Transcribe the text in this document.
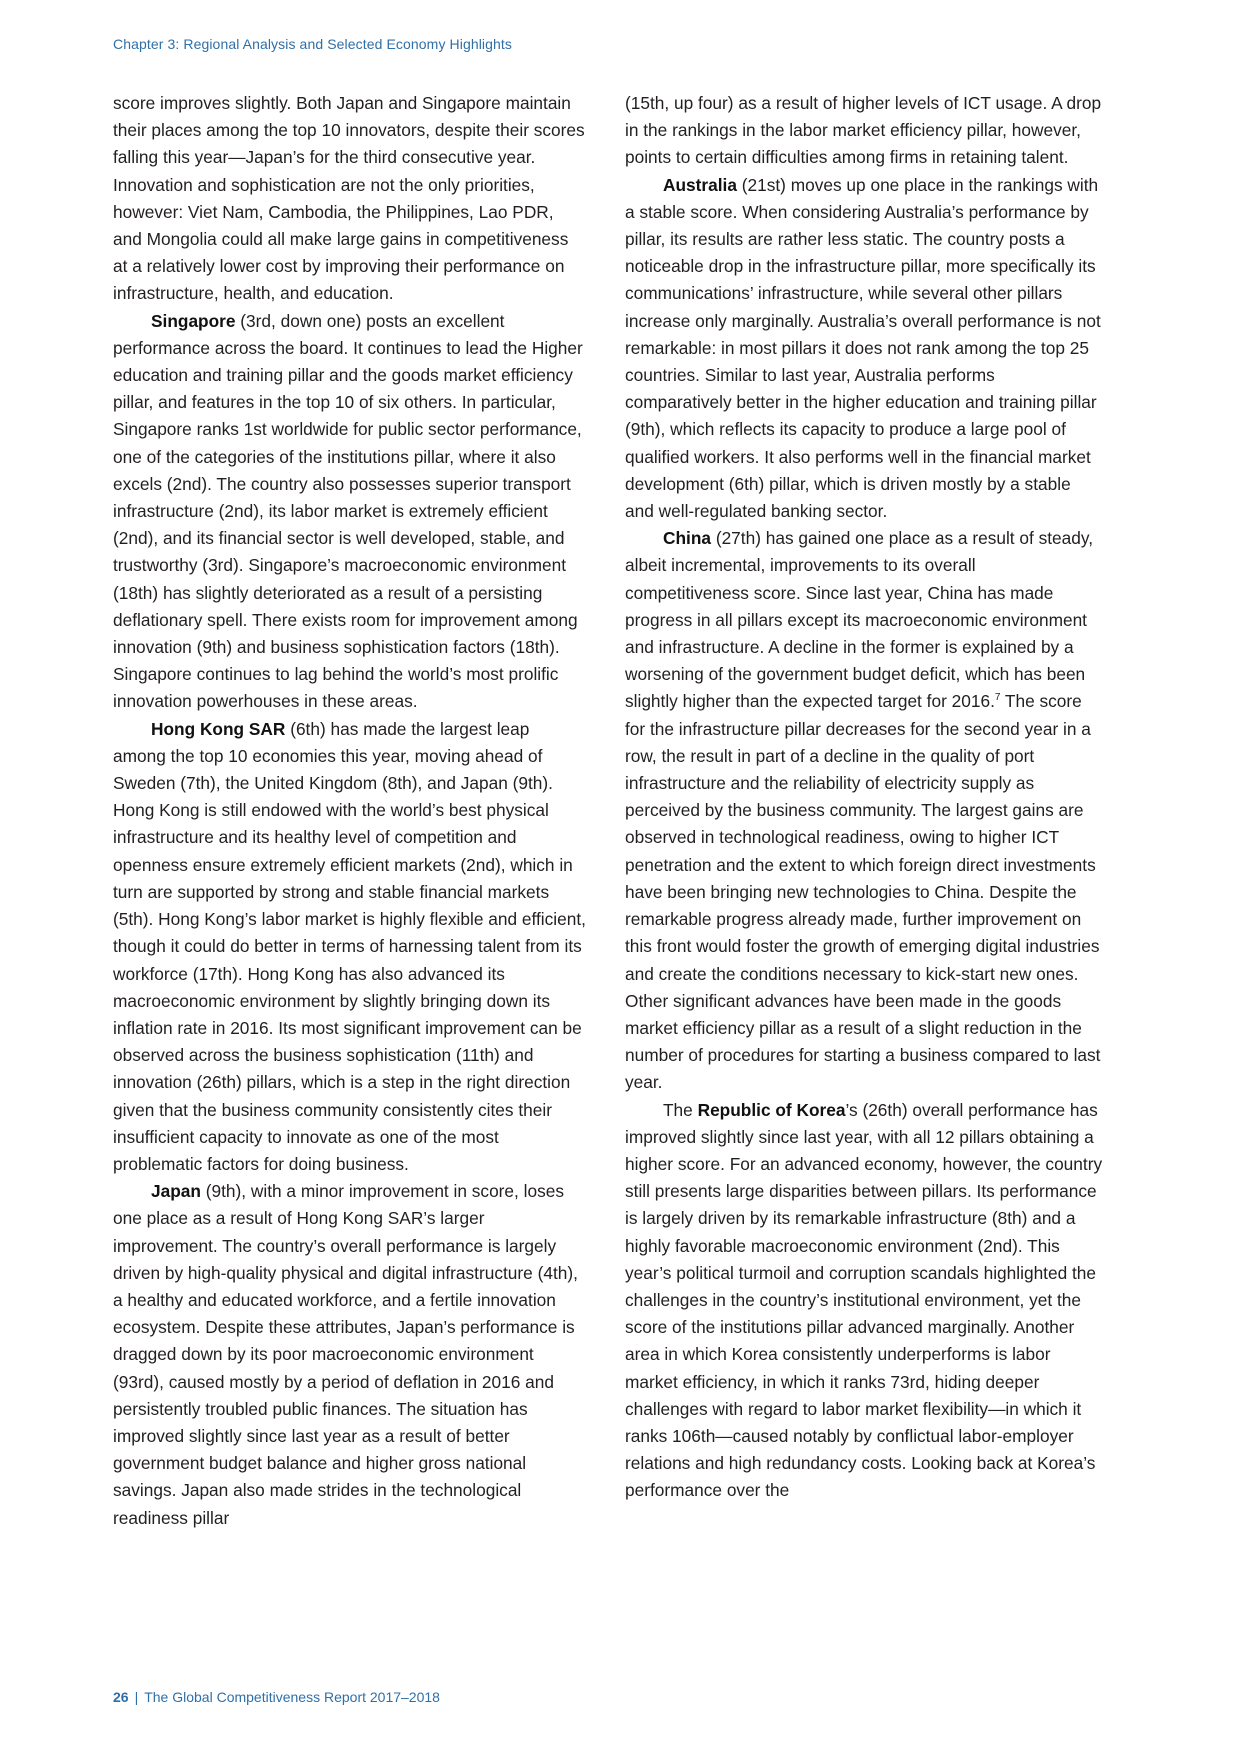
Chapter 3: Regional Analysis and Selected Economy Highlights

score improves slightly. Both Japan and Singapore maintain their places among the top 10 innovators, despite their scores falling this year—Japan’s for the third consecutive year. Innovation and sophistication are not the only priorities, however: Viet Nam, Cambodia, the Philippines, Lao PDR, and Mongolia could all make large gains in competitiveness at a relatively lower cost by improving their performance on infrastructure, health, and education.

Singapore (3rd, down one) posts an excellent performance across the board. It continues to lead the Higher education and training pillar and the goods market efficiency pillar, and features in the top 10 of six others. In particular, Singapore ranks 1st worldwide for public sector performance, one of the categories of the institutions pillar, where it also excels (2nd). The country also possesses superior transport infrastructure (2nd), its labor market is extremely efficient (2nd), and its financial sector is well developed, stable, and trustworthy (3rd). Singapore’s macroeconomic environment (18th) has slightly deteriorated as a result of a persisting deflationary spell. There exists room for improvement among innovation (9th) and business sophistication factors (18th). Singapore continues to lag behind the world’s most prolific innovation powerhouses in these areas.

Hong Kong SAR (6th) has made the largest leap among the top 10 economies this year, moving ahead of Sweden (7th), the United Kingdom (8th), and Japan (9th). Hong Kong is still endowed with the world’s best physical infrastructure and its healthy level of competition and openness ensure extremely efficient markets (2nd), which in turn are supported by strong and stable financial markets (5th). Hong Kong’s labor market is highly flexible and efficient, though it could do better in terms of harnessing talent from its workforce (17th). Hong Kong has also advanced its macroeconomic environment by slightly bringing down its inflation rate in 2016. Its most significant improvement can be observed across the business sophistication (11th) and innovation (26th) pillars, which is a step in the right direction given that the business community consistently cites their insufficient capacity to innovate as one of the most problematic factors for doing business.

Japan (9th), with a minor improvement in score, loses one place as a result of Hong Kong SAR’s larger improvement. The country’s overall performance is largely driven by high-quality physical and digital infrastructure (4th), a healthy and educated workforce, and a fertile innovation ecosystem. Despite these attributes, Japan’s performance is dragged down by its poor macroeconomic environment (93rd), caused mostly by a period of deflation in 2016 and persistently troubled public finances. The situation has improved slightly since last year as a result of better government budget balance and higher gross national savings. Japan also made strides in the technological readiness pillar

(15th, up four) as a result of higher levels of ICT usage. A drop in the rankings in the labor market efficiency pillar, however, points to certain difficulties among firms in retaining talent.

Australia (21st) moves up one place in the rankings with a stable score. When considering Australia’s performance by pillar, its results are rather less static. The country posts a noticeable drop in the infrastructure pillar, more specifically its communications’ infrastructure, while several other pillars increase only marginally. Australia’s overall performance is not remarkable: in most pillars it does not rank among the top 25 countries. Similar to last year, Australia performs comparatively better in the higher education and training pillar (9th), which reflects its capacity to produce a large pool of qualified workers. It also performs well in the financial market development (6th) pillar, which is driven mostly by a stable and well-regulated banking sector.

China (27th) has gained one place as a result of steady, albeit incremental, improvements to its overall competitiveness score. Since last year, China has made progress in all pillars except its macroeconomic environment and infrastructure. A decline in the former is explained by a worsening of the government budget deficit, which has been slightly higher than the expected target for 2016.$^7$ The score for the infrastructure pillar decreases for the second year in a row, the result in part of a decline in the quality of port infrastructure and the reliability of electricity supply as perceived by the business community. The largest gains are observed in technological readiness, owing to higher ICT penetration and the extent to which foreign direct investments have been bringing new technologies to China. Despite the remarkable progress already made, further improvement on this front would foster the growth of emerging digital industries and create the conditions necessary to kick-start new ones. Other significant advances have been made in the goods market efficiency pillar as a result of a slight reduction in the number of procedures for starting a business compared to last year.

The Republic of Korea’s (26th) overall performance has improved slightly since last year, with all 12 pillars obtaining a higher score. For an advanced economy, however, the country still presents large disparities between pillars. Its performance is largely driven by its remarkable infrastructure (8th) and a highly favorable macroeconomic environment (2nd). This year’s political turmoil and corruption scandals highlighted the challenges in the country’s institutional environment, yet the score of the institutions pillar advanced marginally. Another area in which Korea consistently underperforms is labor market efficiency, in which it ranks 73rd, hiding deeper challenges with regard to labor market flexibility—in which it ranks 106th—caused notably by conflictual labor-employer relations and high redundancy costs. Looking back at Korea’s performance over the

26 | The Global Competitiveness Report 2017–2018
